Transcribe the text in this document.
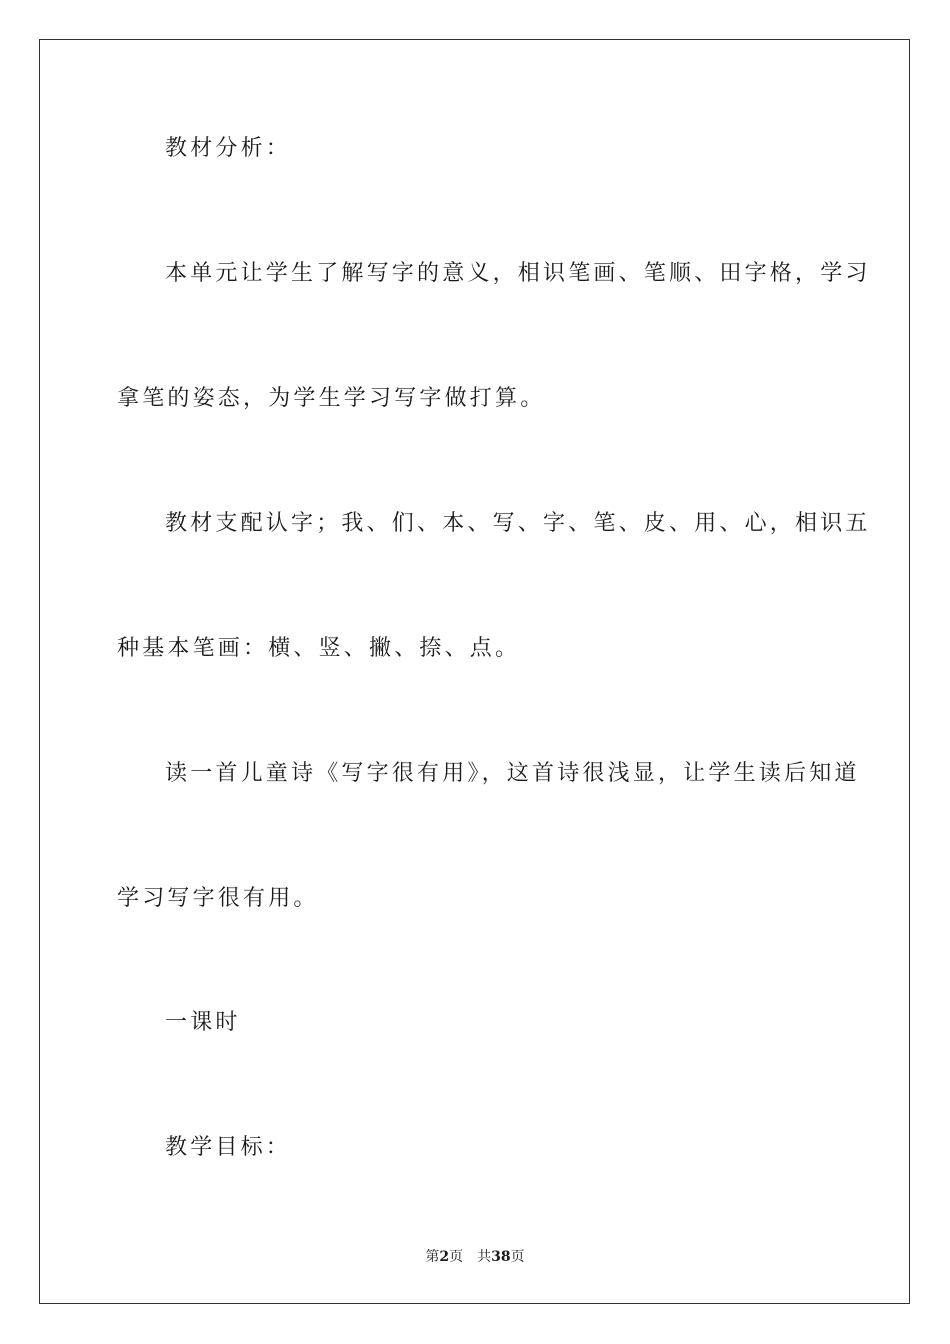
教材分析：
本单元让学生了解写字的意义，相识笔画、笔顺、田字格，学习
拿笔的姿态，为学生学习写字做打算。
教材支配认字；我、们、本、写、字、笔、皮、用、心，相识五
种基本笔画：横、竖、撇、捺、点。
读一首儿童诗《写字很有用》，这首诗很浅显，让学生读后知道
学习写字很有用。
一课时
教学目标：
第2页 共38页
